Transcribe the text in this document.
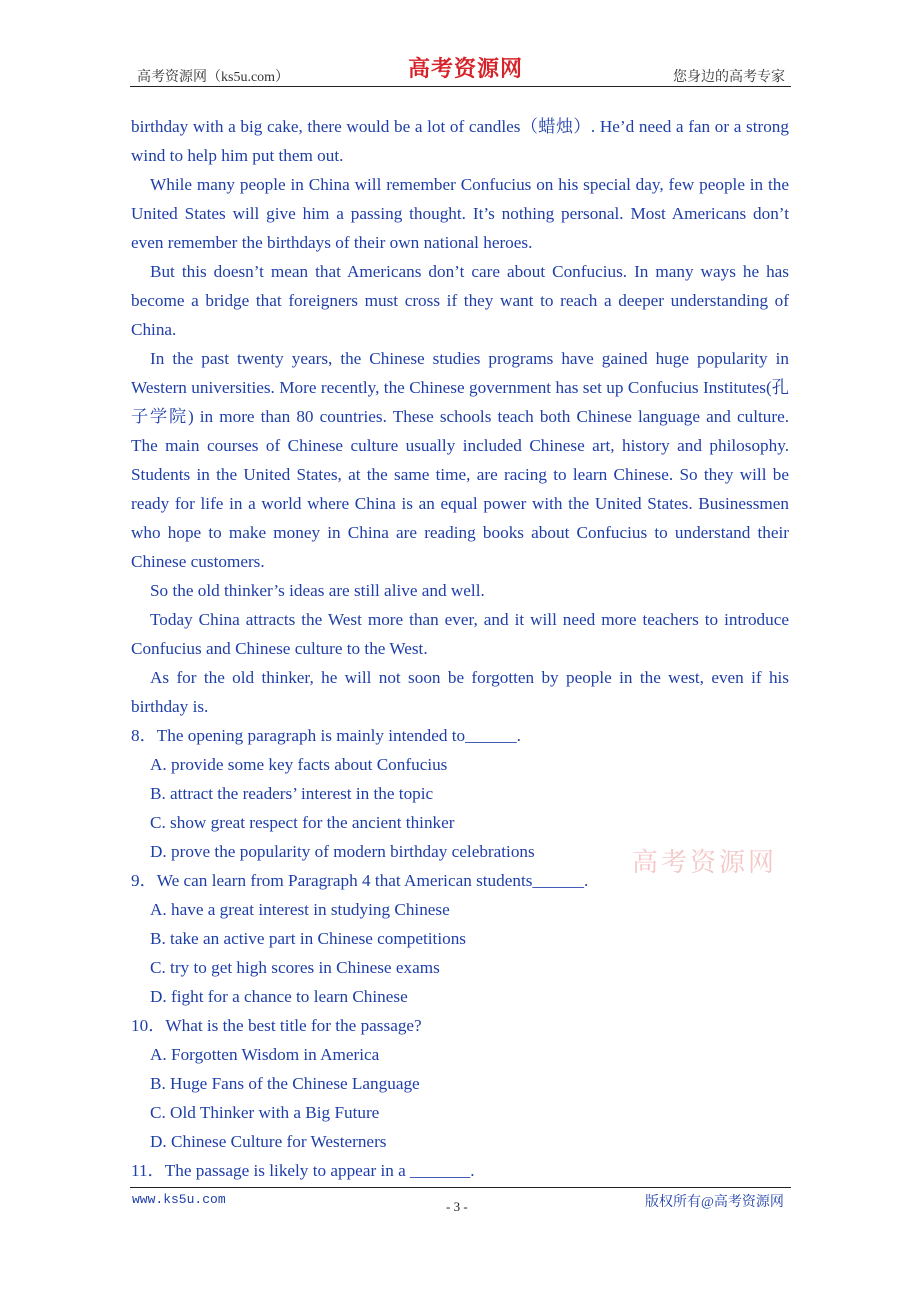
高考资源网（ks5u.com）	高考资源网	您身边的高考专家

birthday with a big cake, there would be a lot of candles（蜡烛）. He’d need a fan or a strong wind to help him put them out.

While many people in China will remember Confucius on his special day, few people in the United States will give him a passing thought. It’s nothing personal. Most Americans don’t even remember the birthdays of their own national heroes.

But this doesn’t mean that Americans don’t care about Confucius. In many ways he has become a bridge that foreigners must cross if they want to reach a deeper understanding of China.

In the past twenty years, the Chinese studies programs have gained huge popularity in Western universities. More recently, the Chinese government has set up Confucius Institutes(孔子学院) in more than 80 countries. These schools teach both Chinese language and culture. The main courses of Chinese culture usually included Chinese art, history and philosophy. Students in the United States, at the same time, are racing to learn Chinese. So they will be ready for life in a world where China is an equal power with the United States. Businessmen who hope to make money in China are reading books about Confucius to understand their Chinese customers.

So the old thinker’s ideas are still alive and well.

Today China attracts the West more than ever, and it will need more teachers to introduce Confucius and Chinese culture to the West.

As for the old thinker, he will not soon be forgotten by people in the west, even if his birthday is.

8．The opening paragraph is mainly intended to______.

A. provide some key facts about Confucius

B. attract the readers’ interest in the topic

C. show great respect for the ancient thinker

D. prove the popularity of modern birthday celebrations

9．We can learn from Paragraph 4 that American students______.

A. have a great interest in studying Chinese

B. take an active part in Chinese competitions

C. try to get high scores in Chinese exams

D. fight for a chance to learn Chinese

10．What is the best title for the passage?

A. Forgotten Wisdom in America

B. Huge Fans of the Chinese Language

C. Old Thinker with a Big Future

D. Chinese Culture for Westerners

11．The passage is likely to appear in a _______.

高考资源网
www.ks5u.com	- 3 -	版权所有@高考资源网
